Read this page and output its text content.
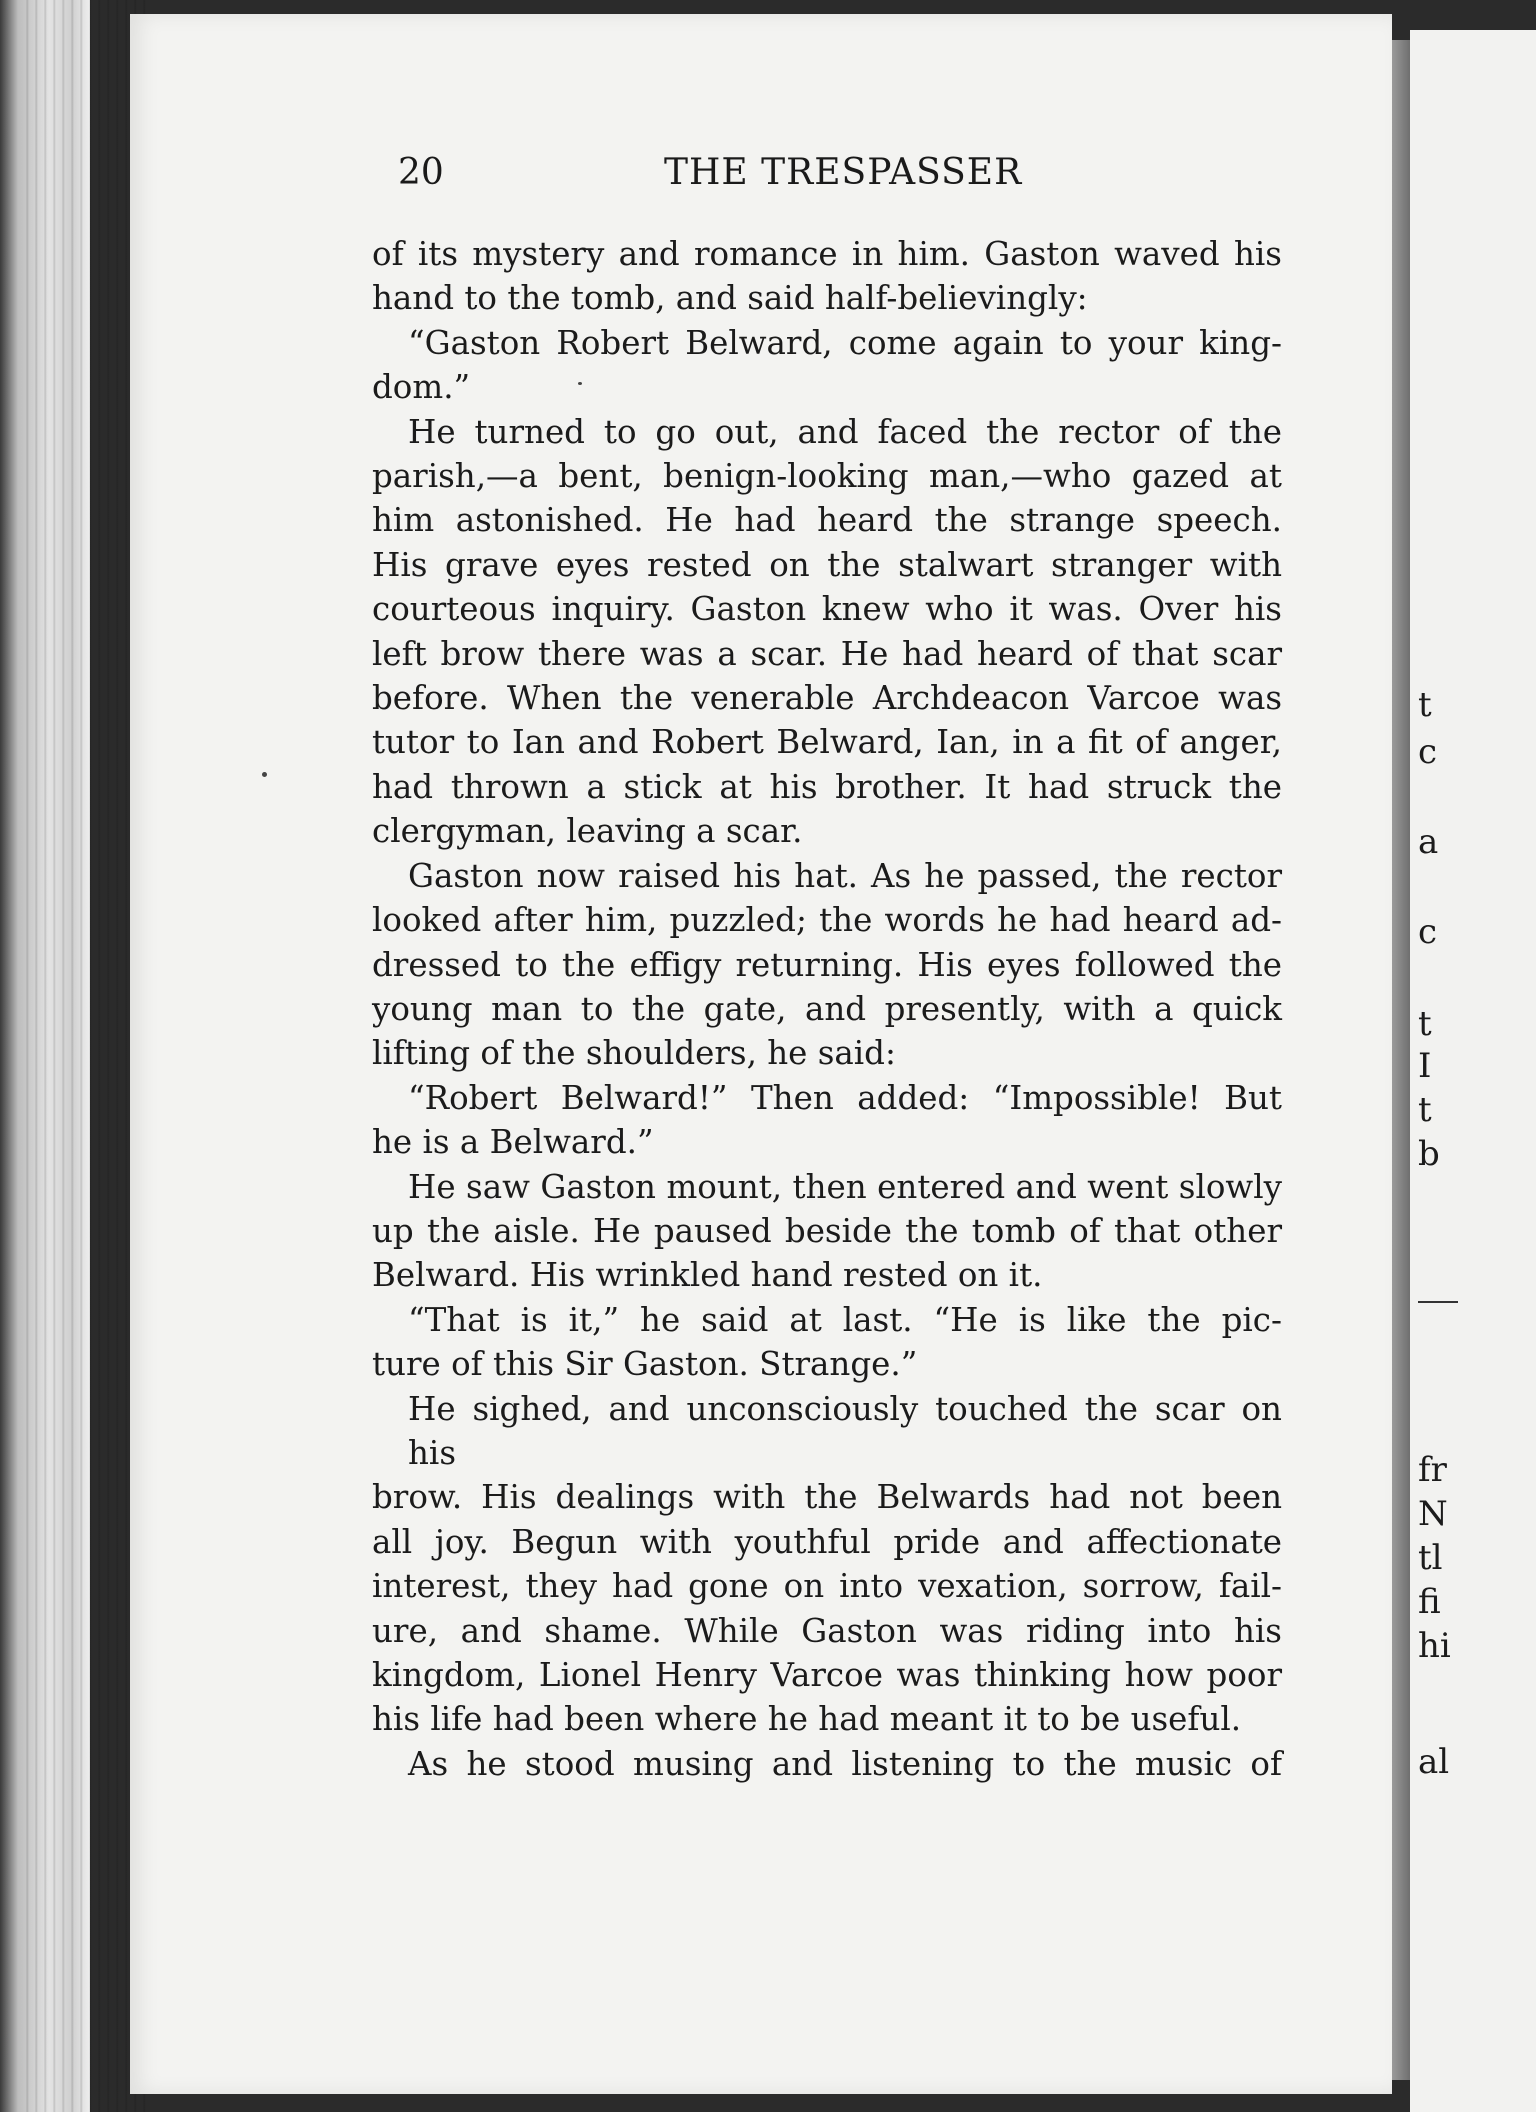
t
c
a
c
t
I
t
b
fr
N
tl
fi
hi
al
20	THE TRESPASSER
of its mystery and romance in him. Gaston waved his
hand to the tomb, and said half-believingly:
“Gaston Robert Belward, come again to your king-
dom.”
He turned to go out, and faced the rector of the
parish,—a bent, benign-looking man,—who gazed at
him astonished. He had heard the strange speech.
His grave eyes rested on the stalwart stranger with
courteous inquiry. Gaston knew who it was. Over his
left brow there was a scar. He had heard of that scar
before. When the venerable Archdeacon Varcoe was
tutor to Ian and Robert Belward, Ian, in a fit of anger,
had thrown a stick at his brother. It had struck the
clergyman, leaving a scar.
Gaston now raised his hat. As he passed, the rector
looked after him, puzzled; the words he had heard ad-
dressed to the effigy returning. His eyes followed the
young man to the gate, and presently, with a quick
lifting of the shoulders, he said:
“Robert Belward!” Then added: “Impossible! But
he is a Belward.”
He saw Gaston mount, then entered and went slowly
up the aisle. He paused beside the tomb of that other
Belward. His wrinkled hand rested on it.
“That is it,” he said at last. “He is like the pic-
ture of this Sir Gaston. Strange.”
He sighed, and unconsciously touched the scar on his
brow. His dealings with the Belwards had not been
all joy. Begun with youthful pride and affectionate
interest, they had gone on into vexation, sorrow, fail-
ure, and shame. While Gaston was riding into his
kingdom, Lionel Henry Varcoe was thinking how poor
his life had been where he had meant it to be useful.
As he stood musing and listening to the music of
